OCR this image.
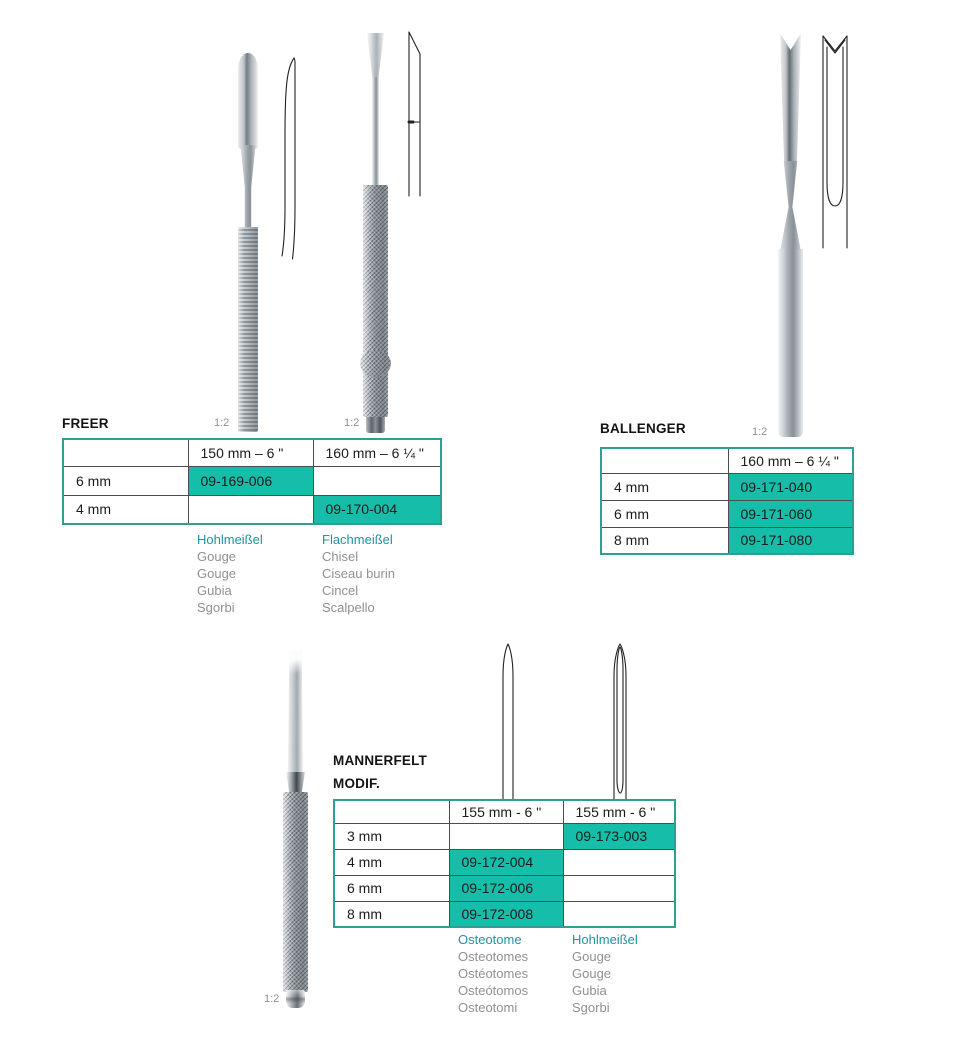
1:2	1:2
FREER
	150 mm – 6 "	160 mm – 6 ¼ "
6 mm	09-169-006	
4 mm		09-170-004
Hohlmeißel
Gouge
Gouge
Gubia
Sgorbi
Flachmeißel
Chisel
Ciseau burin
Cincel
Scalpello
1:2
BALLENGER
	160 mm – 6 ¼ "
4 mm	09-171-040
6 mm	09-171-060
8 mm	09-171-080
1:2
MANNERFELT
MODIF.
	155 mm - 6 "	155 mm - 6 "
3 mm		09-173-003
4 mm	09-172-004	
6 mm	09-172-006	
8 mm	09-172-008	
Osteotome
Osteotomes
Ostéotomes
Osteótomos
Osteotomi
Hohlmeißel
Gouge
Gouge
Gubia
Sgorbi
